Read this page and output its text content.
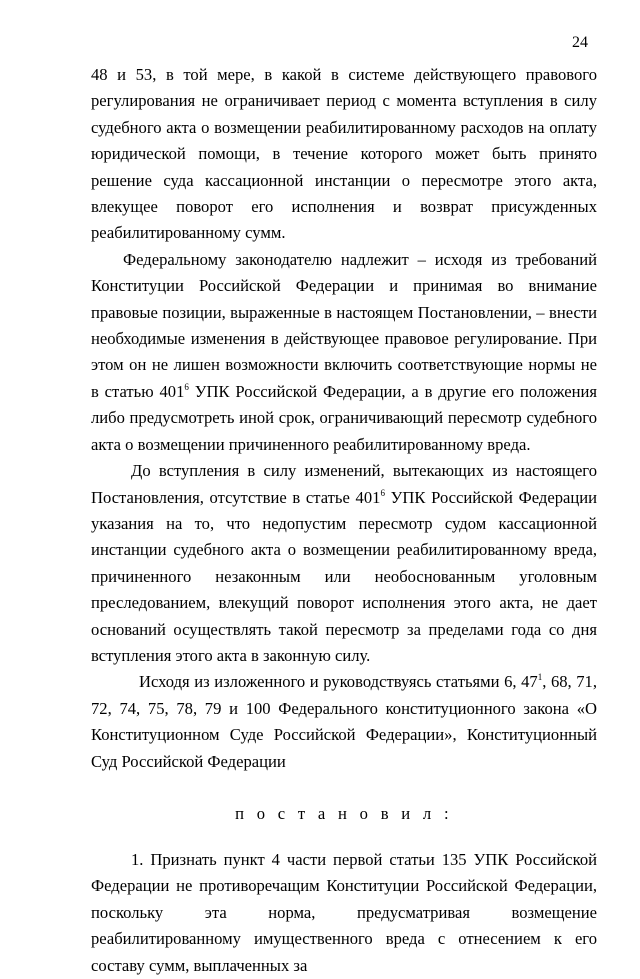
24

48 и 53, в той мере, в какой в системе действующего правового регулирования не ограничивает период с момента вступления в силу судебного акта о возмещении реабилитированному расходов на оплату юридической помощи, в течение которого может быть принято решение суда кассационной инстанции о пересмотре этого акта, влекущее поворот его исполнения и возврат присужденных реабилитированному сумм.

Федеральному законодателю надлежит – исходя из требований Конституции Российской Федерации и принимая во внимание правовые позиции, выраженные в настоящем Постановлении, – внести необходимые изменения в действующее правовое регулирование. При этом он не лишен возможности включить соответствующие нормы не в статью $401^6$ УПК Российской Федерации, а в другие его положения либо предусмотреть иной срок, ограничивающий пересмотр судебного акта о возмещении причиненного реабилитированному вреда.

До вступления в силу изменений, вытекающих из настоящего Постановления, отсутствие в статье $401^6$ УПК Российской Федерации указания на то, что недопустим пересмотр судом кассационной инстанции судебного акта о возмещении реабилитированному вреда, причиненного незаконным или необоснованным уголовным преследованием, влекущий поворот исполнения этого акта, не дает оснований осуществлять такой пересмотр за пределами года со дня вступления этого акта в законную силу.

Исходя из изложенного и руководствуясь статьями 6, $47^1$, 68, 71, 72, 74, 75, 78, 79 и 100 Федерального конституционного закона «О Конституционном Суде Российской Федерации», Конституционный Суд Российской Федерации

п о с т а н о в и л :

1. Признать пункт 4 части первой статьи 135 УПК Российской Федерации не противоречащим Конституции Российской Федерации, поскольку эта норма, предусматривая возмещение реабилитированному имущественного вреда с отнесением к его составу сумм, выплаченных за
